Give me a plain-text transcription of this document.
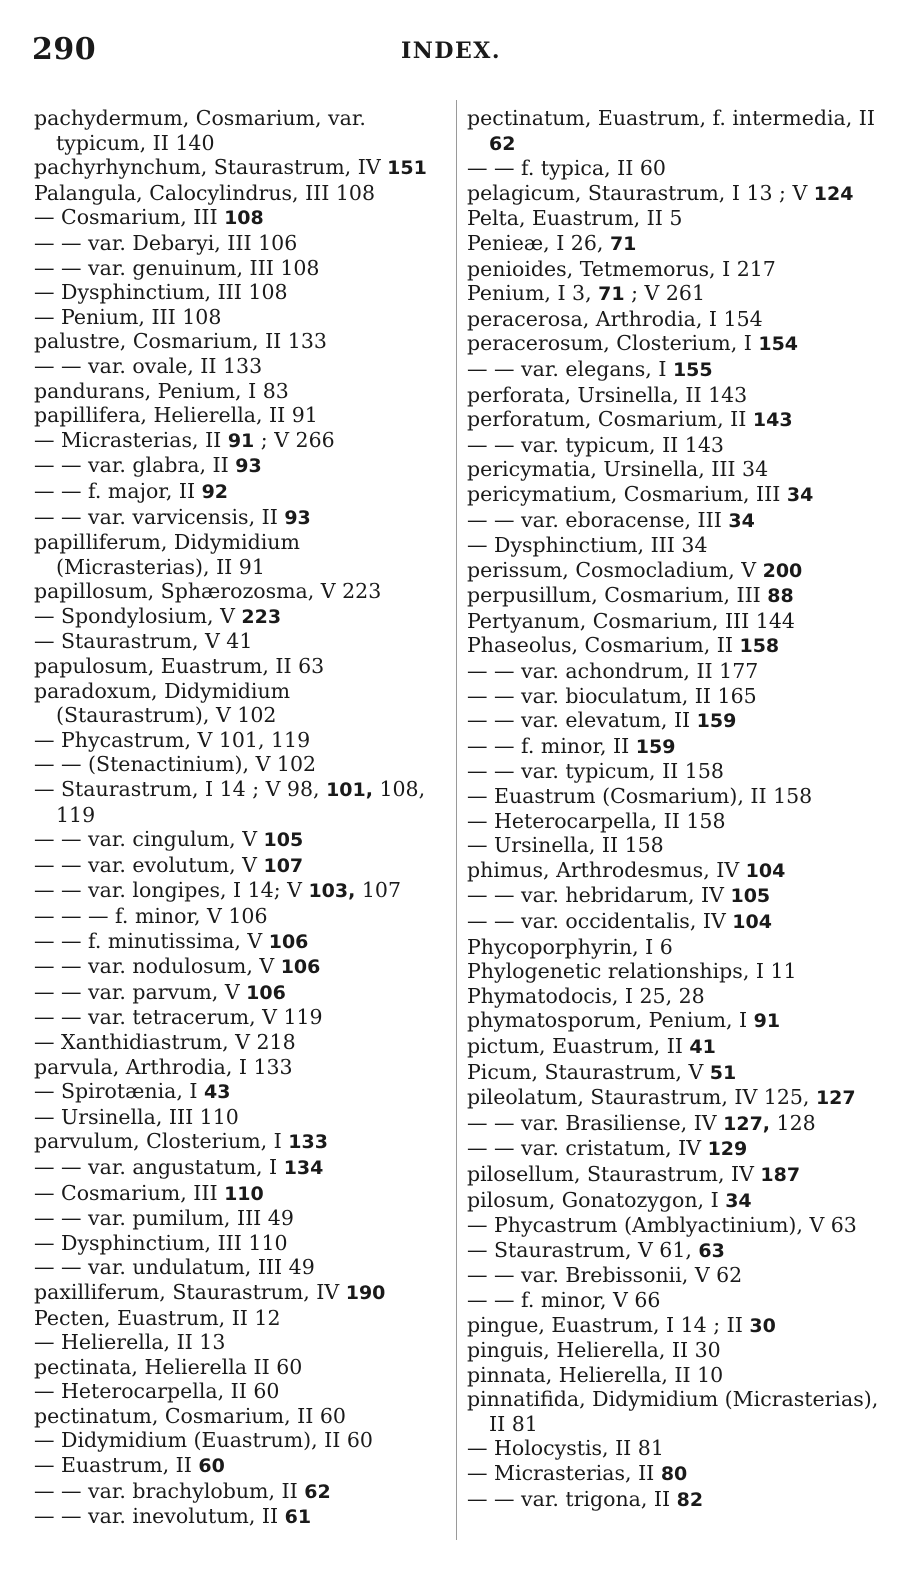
290	INDEX.
pachydermum, Cosmarium, var. typicum, II 140
pachyrhynchum, Staurastrum, IV 151
Palangula, Calocylindrus, III 108
— Cosmarium, III 108
— — var. Debaryi, III 106
— — var. genuinum, III 108
— Dysphinctium, III 108
— Penium, III 108
palustre, Cosmarium, II 133
— — var. ovale, II 133
pandurans, Penium, I 83
papillifera, Helierella, II 91
— Micrasterias, II 91 ; V 266
— — var. glabra, II 93
— — f. major, II 92
— — var. varvicensis, II 93
papilliferum, Didymidium (Micrasterias), II 91
papillosum, Sphærozosma, V 223
— Spondylosium, V 223
— Staurastrum, V 41
papulosum, Euastrum, II 63
paradoxum, Didymidium (Staurastrum), V 102
— Phycastrum, V 101, 119
— — (Stenactinium), V 102
— Staurastrum, I 14 ; V 98, 101, 108, 119
— — var. cingulum, V 105
— — var. evolutum, V 107
— — var. longipes, I 14; V 103, 107
— — — f. minor, V 106
— — f. minutissima, V 106
— — var. nodulosum, V 106
— — var. parvum, V 106
— — var. tetracerum, V 119
— Xanthidiastrum, V 218
parvula, Arthrodia, I 133
— Spirotænia, I 43
— Ursinella, III 110
parvulum, Closterium, I 133
— — var. angustatum, I 134
— Cosmarium, III 110
— — var. pumilum, III 49
— Dysphinctium, III 110
— — var. undulatum, III 49
paxilliferum, Staurastrum, IV 190
Pecten, Euastrum, II 12
— Helierella, II 13
pectinata, Helierella II 60
— Heterocarpella, II 60
pectinatum, Cosmarium, II 60
— Didymidium (Euastrum), II 60
— Euastrum, II 60
— — var. brachylobum, II 62
— — var. inevolutum, II 61
pectinatum, Euastrum, f. intermedia, II 62
— — f. typica, II 60
pelagicum, Staurastrum, I 13 ; V 124
Pelta, Euastrum, II 5
Penieæ, I 26, 71
penioides, Tetmemorus, I 217
Penium, I 3, 71 ; V 261
peracerosa, Arthrodia, I 154
peracerosum, Closterium, I 154
— — var. elegans, I 155
perforata, Ursinella, II 143
perforatum, Cosmarium, II 143
— — var. typicum, II 143
pericymatia, Ursinella, III 34
pericymatium, Cosmarium, III 34
— — var. eboracense, III 34
— Dysphinctium, III 34
perissum, Cosmocladium, V 200
perpusillum, Cosmarium, III 88
Pertyanum, Cosmarium, III 144
Phaseolus, Cosmarium, II 158
— — var. achondrum, II 177
— — var. bioculatum, II 165
— — var. elevatum, II 159
— — f. minor, II 159
— — var. typicum, II 158
— Euastrum (Cosmarium), II 158
— Heterocarpella, II 158
— Ursinella, II 158
phimus, Arthrodesmus, IV 104
— — var. hebridarum, IV 105
— — var. occidentalis, IV 104
Phycoporphyrin, I 6
Phylogenetic relationships, I 11
Phymatodocis, I 25, 28
phymatosporum, Penium, I 91
pictum, Euastrum, II 41
Picum, Staurastrum, V 51
pileolatum, Staurastrum, IV 125, 127
— — var. Brasiliense, IV 127, 128
— — var. cristatum, IV 129
pilosellum, Staurastrum, IV 187
pilosum, Gonatozygon, I 34
— Phycastrum (Amblyactinium), V 63
— Staurastrum, V 61, 63
— — var. Brebissonii, V 62
— — f. minor, V 66
pingue, Euastrum, I 14 ; II 30
pinguis, Helierella, II 30
pinnata, Helierella, II 10
pinnatifida, Didymidium (Micrasterias), II 81
— Holocystis, II 81
— Micrasterias, II 80
— — var. trigona, II 82
